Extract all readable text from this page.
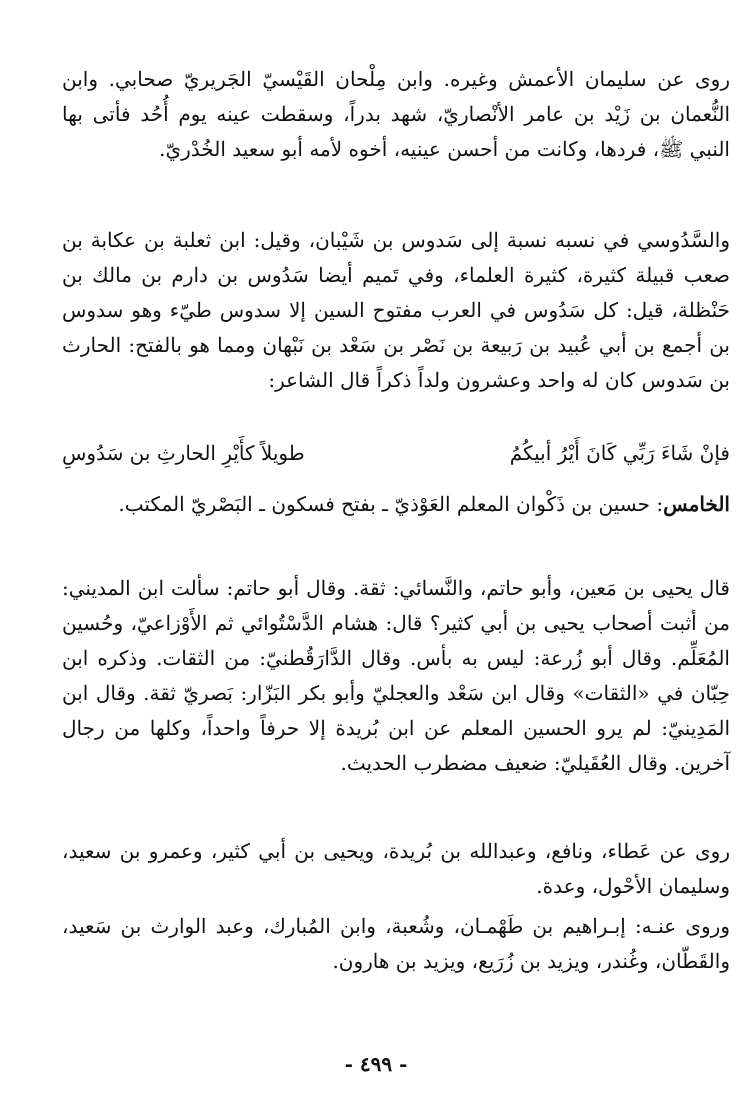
روى عن سليمان الأعمش وغيره. وابن مِلْحان القَيْسيّ الجَريريّ صحابي. وابن النُّعمان بن زَيْد بن عامر الأنْصاريّ، شهد بدراً، وسقطت عينه يوم أُحُد فأتى بها النبي ﷺ، فردها، وكانت من أحسن عينيه، أخوه لأمه أبو سعيد الخُدْريّ.

والسَّدُوسي في نسبه نسبة إلى سَدوس بن شَيْبان، وقيل: ابن ثعلبة بن عكابة بن صعب قبيلة كثيرة، كثيرة العلماء، وفي تَميم أيضا سَدُوس بن دارم بن مالك بن حَنْظلة، قيل: كل سَدُوس في العرب مفتوح السين إلا سدوس طيّء وهو سدوس بن أجمع بن أبي عُبيد بن رَبيعة بن نَصْر بن سَعْد بن نَبْهان ومما هو بالفتح: الحارث بن سَدوس كان له واحد وعشرون ولداً ذكراً قال الشاعر:

فإنْ شَاءَ رَبِّي كَانَ أَيْرُ أبيكُمُ
طويلاً كأَيْرِ الحارثِ بن سَدُوسِ

الخامس: حسين بن ذَكْوان المعلم العَوْذيّ ـ بفتح فسكون ـ البَصْريّ المكتب.

قال يحيى بن مَعين، وأبو حاتم، والنَّسائي: ثقة. وقال أبو حاتم: سألت ابن المديني: من أثبت أصحاب يحيى بن أبي كثير؟ قال: هشام الدَّسْتُوائي ثم الأَوْزاعيّ، وحُسين المُعَلِّم. وقال أبو زُرعة: ليس به بأس. وقال الدَّارَقُطنيّ: من الثقات. وذكره ابن حِبّان في «الثقات» وقال ابن سَعْد والعجليّ وأبو بكر البَزّار: بَصريّ ثقة. وقال ابن المَدِينيّ: لم يرو الحسين المعلم عن ابن بُريدة إلا حرفاً واحداً، وكلها من رجال آخرين. وقال العُقَيليّ: ضعيف مضطرب الحديث.

روى عن عَطاء، ونافع، وعبدالله بن بُريدة، ويحيى بن أبي كثير، وعمرو بن سعيد، وسليمان الأحْول، وعدة.

وروى عنـه: إبـراهيم بن طَهْمـان، وشُعبة، وابن المُبارك، وعبد الوارث بن سَعيد، والقَطّان، وغُندر، ويزيد بن زُرَيع، ويزيد بن هارون.

- ٤٩٩ -
